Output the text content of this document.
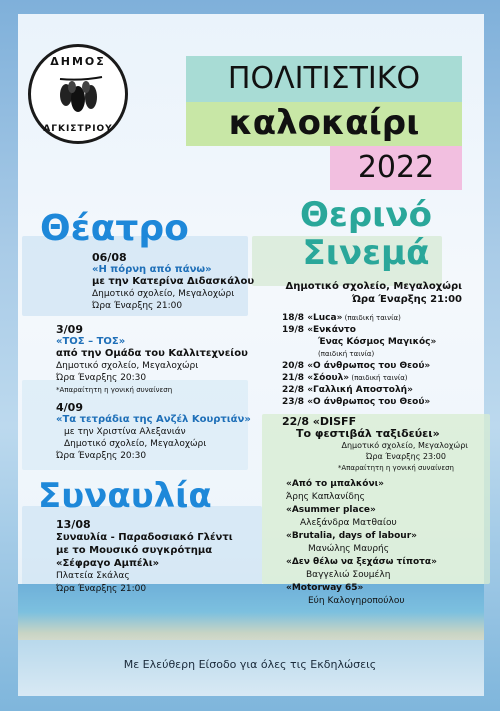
ΔΗΜΟΣ
ΑΓΚΙΣΤΡΙΟΥ
ΠΟΛΙΤΙΣΤΙΚΟ
καλοκαίρι
2022
Θέατρο
06/08
«Η πόρνη από πάνω»
με την Κατερίνα Διδασκάλου
Δημοτικό σχολείο, Μεγαλοχώρι
Ώρα Έναρξης 21:00
3/09
«ΤΟΣ – ΤΟΣ»
από την Ομάδα του Καλλιτεχνείου
Δημοτικό σχολείο, Μεγαλοχώρι
Ώρα Έναρξης 20:30
*Απαραίτητη η γονική συναίνεση
4/09
«Τα τετράδια της Ανζέλ Κουρτιάν»
με την Χριστίνα Αλεξανιάν
Δημοτικό σχολείο, Μεγαλοχώρι
Ώρα Έναρξης 20:30
Θερινό
Σινεμά
Δημοτικό σχολείο, Μεγαλοχώρι
Ώρα Έναρξης 21:00
18/8 «Luca» (παιδική ταινία)
19/8 «Ενκάντο
Ένας Κόσμος Μαγικός»
(παιδική ταινία)
20/8 «Ο άνθρωπος του Θεού»
21/8 «Σόουλ» (παιδική ταινία)
22/8 «Γαλλική Αποστολή»
23/8 «Ο άνθρωπος του Θεού»
22/8 «DISFF
Το φεστιβάλ ταξιδεύει»
Δημοτικό σχολείο, Μεγαλοχώρι
Ώρα Έναρξης 23:00
*Απαραίτητη η γονική συναίνεση
«Από το μπαλκόνι»
Άρης Καπλανίδης
«Asummer place»
Αλεξάνδρα Ματθαίου
«Brutalia, days of labour»
Μανώλης Μαυρής
«Δεν θέλω να ξεχάσω τίποτα»
Βαγγελιώ Σουμέλη
«Motorway 65»
Εύη Καλογηροπούλου
Συναυλία
13/08
Συναυλία - Παραδοσιακό Γλέντι
με το Μουσικό συγκρότημα
«Σέφραγο Αμπέλι»
Πλατεία Σκάλας
Ώρα Έναρξης 21:00
Με Ελεύθερη Είσοδο για όλες τις Εκδηλώσεις
